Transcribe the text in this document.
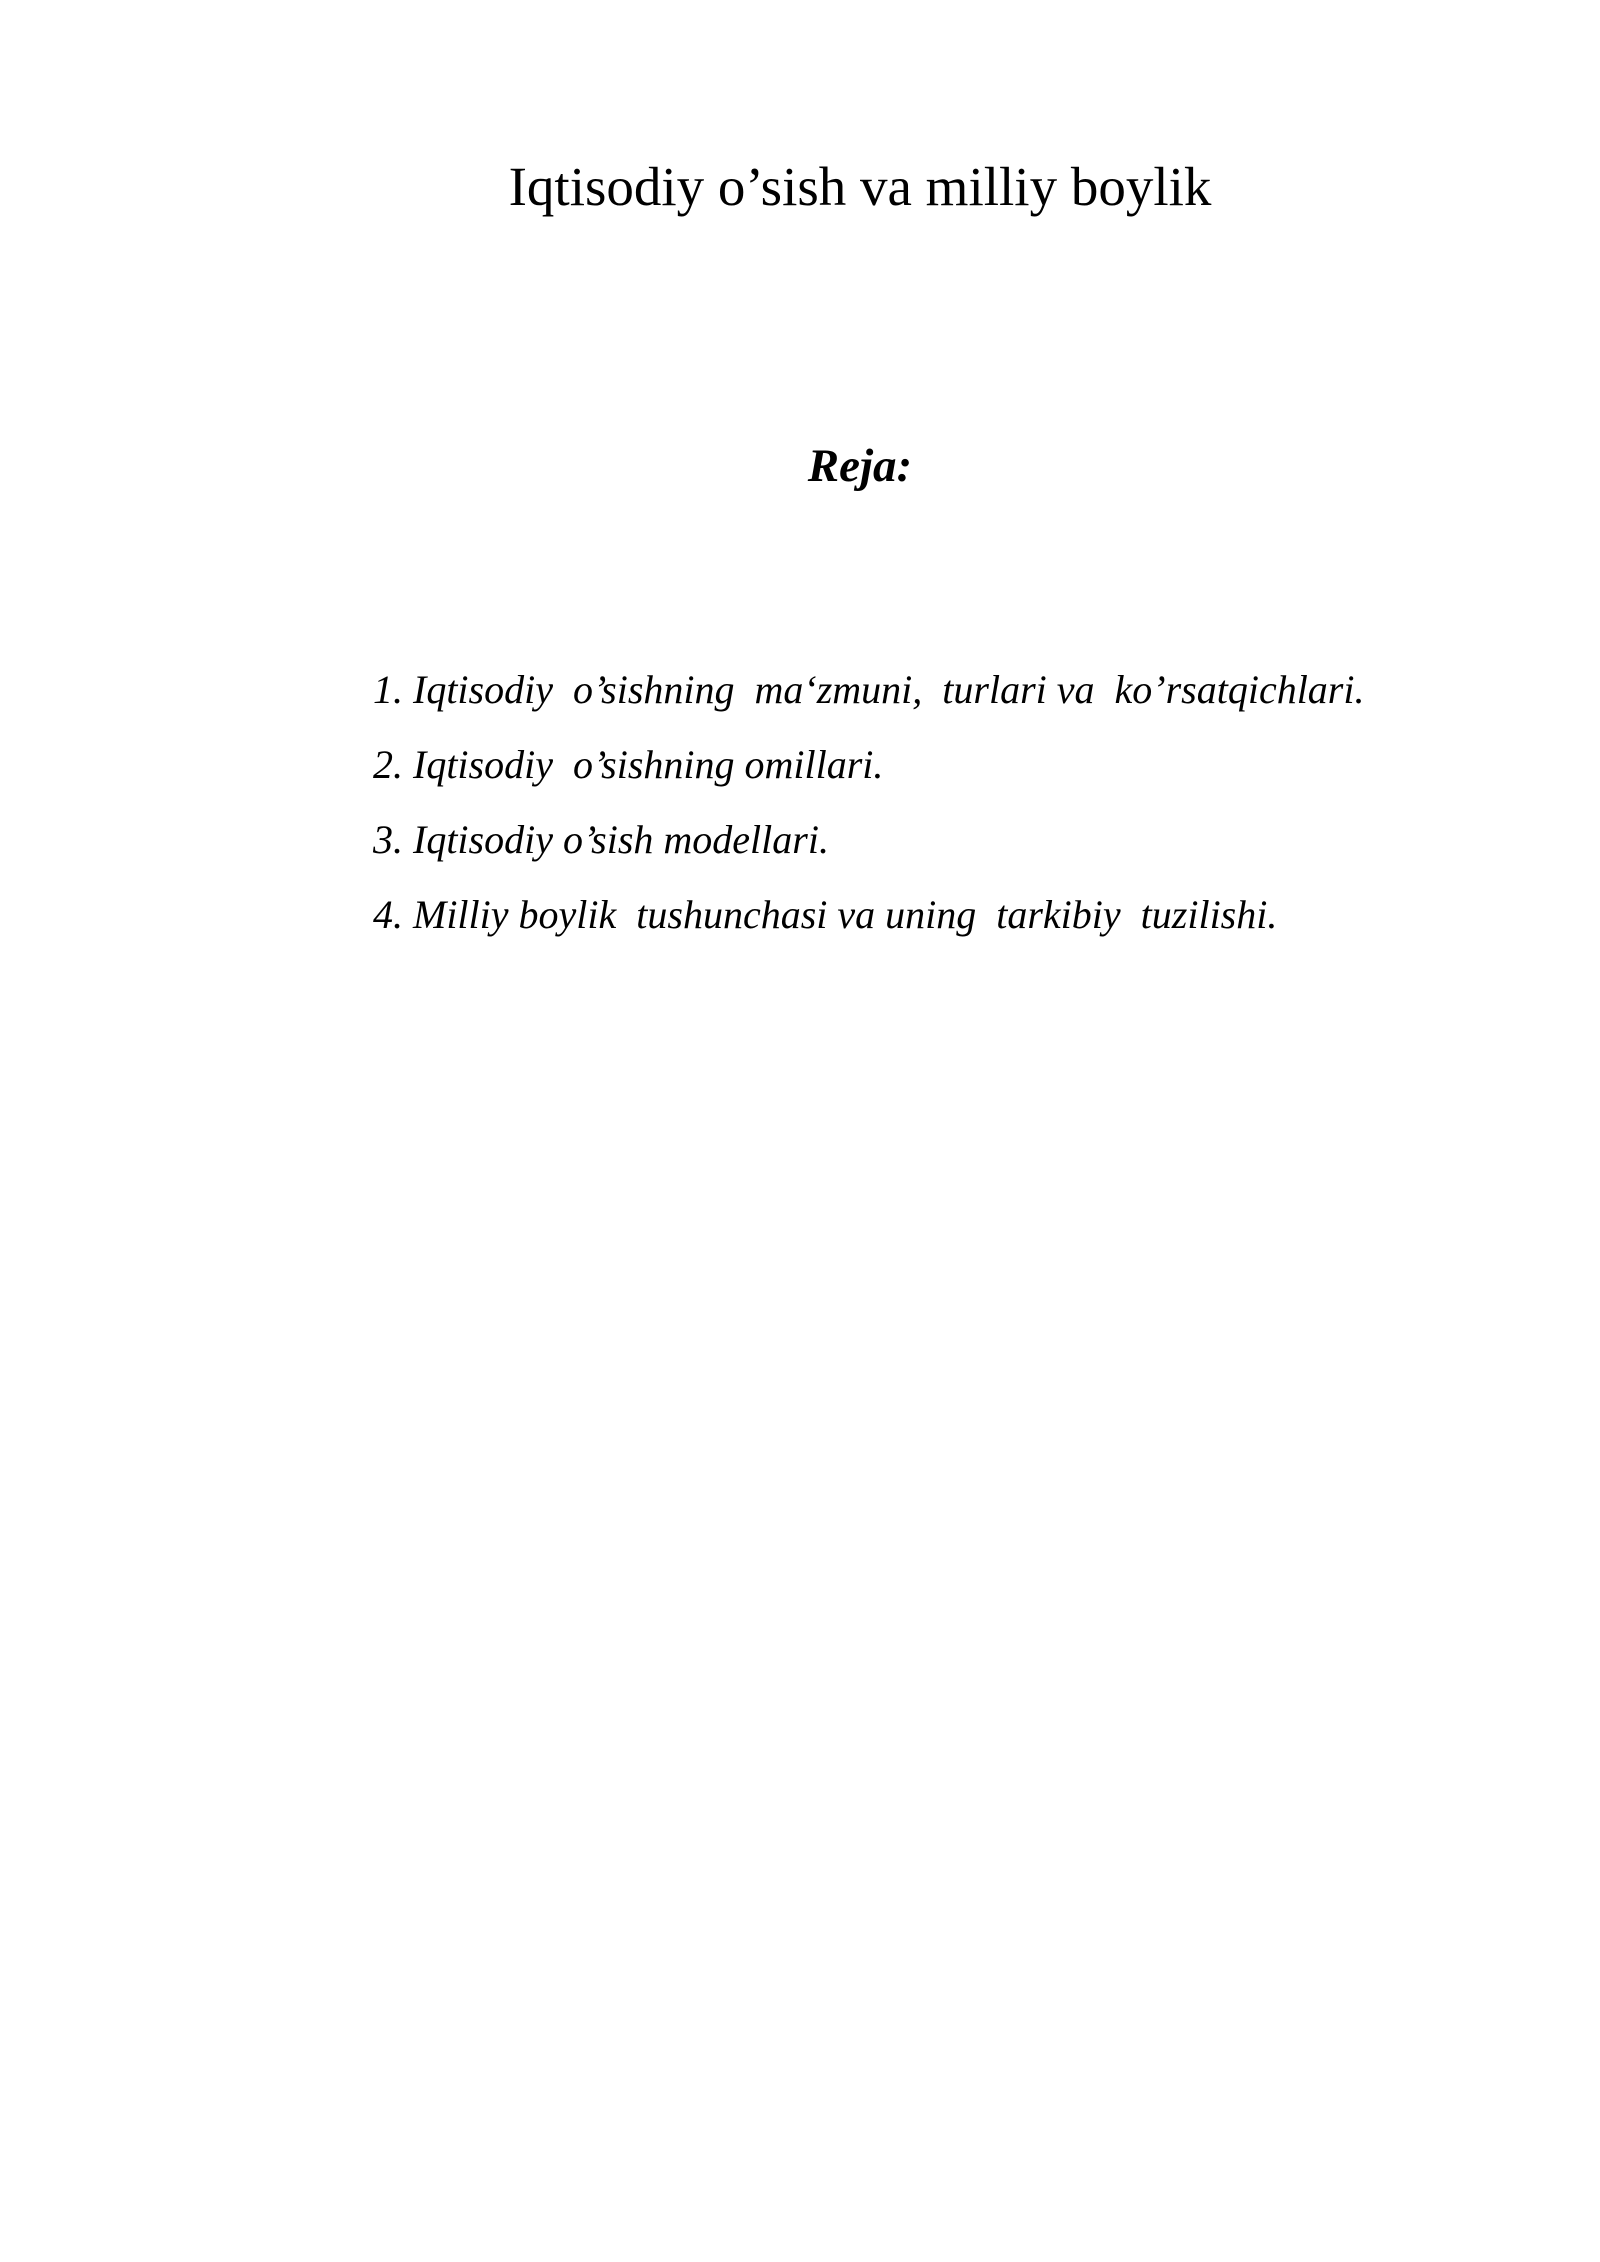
Iqtisodiy o’sish va milliy boylik
Reja:
1. Iqtisodiy  o’sishning  ma‘zmuni,  turlari va  ko’rsatqichlari.
2. Iqtisodiy  o’sishning omillari.
3. Iqtisodiy o’sish modellari.
4. Milliy boylik  tushunchasi va uning  tarkibiy  tuzilishi.
